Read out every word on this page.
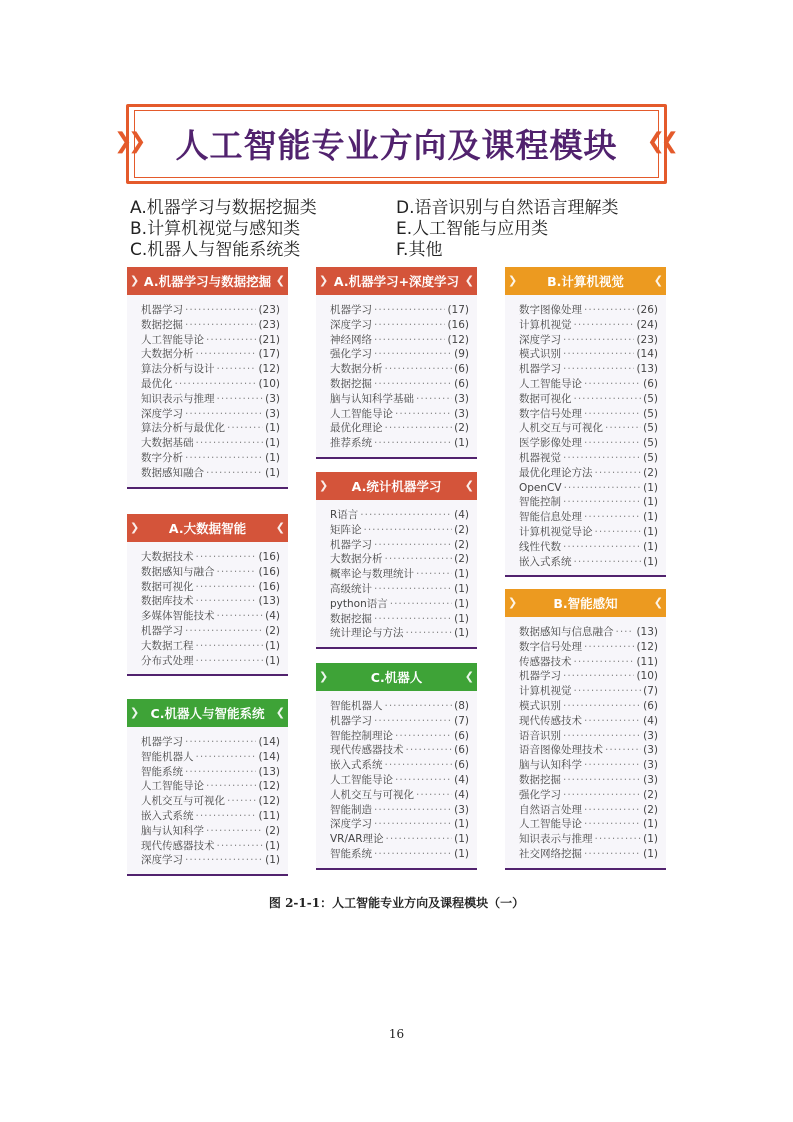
❯
❯	❮
❮
人工智能专业方向及课程模块
A.机器学习与数据挖掘类
B.计算机视觉与感知类
C.机器人与智能系统类
D.语音识别与自然语言理解类
E.人工智能与应用类
F.其他
❯ A.机器学习与数据挖掘 ❮
机器学习 ·····	(23)
数据挖掘 ·····	(23)
人工智能导论 ·····	(21)
大数据分析 ·····	(17)
算法分析与设计 ·····	(12)
最优化 ·····	(10)
知识表示与推理 ·····	(3)
深度学习 ·····	(3)
算法分析与最优化 ·····	(1)
大数据基础 ·····	(1)
数字分析 ·····	(1)
数据感知融合 ·····	(1)
❯ A.大数据智能	❮
大数据技术 ·····	(16)
数据感知与融合 ·····	(16)
数据可视化 ·····	(16)
数据库技术 ·····	(13)
多媒体智能技术 ·····	(4)
机器学习 ·····	(2)
大数据工程 ·····	(1)
分布式处理 ·····	(1)
❯ C.机器人与智能系统 ❮
机器学习 ·····	(14)
智能机器人 ·····	(14)
智能系统 ·····	(13)
人工智能导论 ·····	(12)
人机交互与可视化 ·····	(12)
嵌入式系统 ·····	(11)
脑与认知科学 ·····	(2)
现代传感器技术 ·····	(1)
深度学习 ·····	(1)
❯ A.机器学习+深度学习 ❮
机器学习 ·····	(17)
深度学习 ·····	(16)
神经网络 ·····	(12)
强化学习 ·····	(9)
大数据分析 ·····	(6)
数据挖掘 ·····	(6)
脑与认知科学基础 ·····	(3)
人工智能导论 ·····	(3)
最优化理论 ·····	(2)
推荐系统 ·····	(1)
❯ A.统计机器学习 ❮
R语言 ·····	(4)
矩阵论 ·····	(2)
机器学习 ·····	(2)
大数据分析 ·····	(2)
概率论与数理统计 ·····	(1)
高级统计 ·····	(1)
python语言 ·····	(1)
数据挖掘 ·····	(1)
统计理论与方法 ·····	(1)
❯	C.机器人	❮
智能机器人 ·····	(8)
机器学习 ·····	(7)
智能控制理论 ·····	(6)
现代传感器技术 ·····	(6)
嵌入式系统 ·····	(6)
人工智能导论 ·····	(4)
人机交互与可视化 ·····	(4)
智能制造 ·····	(3)
深度学习 ·····	(1)
VR/AR理论 ·····	(1)
智能系统 ·····	(1)
❯ B.计算机视觉	❮
数字图像处理 ·····	(26)
计算机视觉 ·····	(24)
深度学习 ·····	(23)
模式识别 ·····	(14)
机器学习 ·····	(13)
人工智能导论 ·····	(6)
数据可视化 ·····	(5)
数字信号处理 ·····	(5)
人机交互与可视化 ·····	(5)
医学影像处理 ·····	(5)
机器视觉 ·····	(5)
最优化理论方法 ·····	(2)
OpenCV ·····	(1)
智能控制 ·····	(1)
智能信息处理 ·····	(1)
计算机视觉导论 ·····	(1)
线性代数 ·····	(1)
嵌入式系统 ·····	(1)
❯	B.智能感知	❮
数据感知与信息融合 ····· (13)
数字信号处理 ·····	(12)
传感器技术 ·····	(11)
机器学习 ·····	(10)
计算机视觉 ·····	(7)
模式识别 ·····	(6)
现代传感技术 ·····	(4)
语音识别 ·····	(3)
语音图像处理技术 ·····	(3)
脑与认知科学 ·····	(3)
数据挖掘 ·····	(3)
强化学习 ·····	(2)
自然语言处理 ·····	(2)
人工智能导论 ·····	(1)
知识表示与推理 ·····	(1)
社交网络挖掘 ·····	(1)
图 2-1-1：人工智能专业方向及课程模块（一）
16
